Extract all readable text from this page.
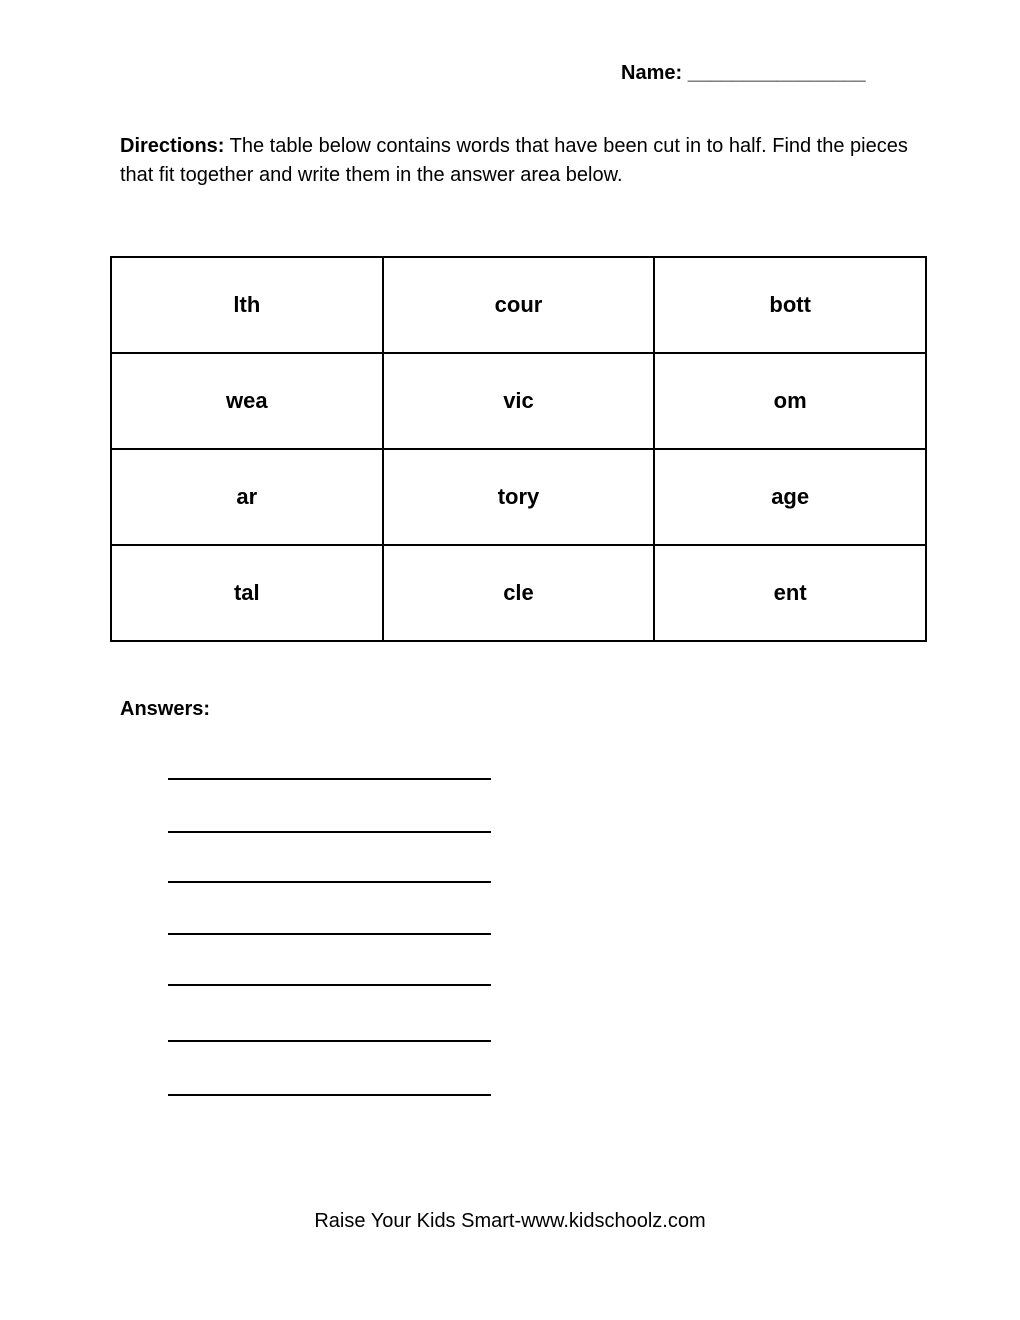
Name: ________________
Directions: The table below contains words that have been cut in to half. Find the pieces that fit together and write them in the answer area below.
lth	cour	bott
wea	vic	om
ar	tory	age
tal	cle	ent
Answers:
Raise Your Kids Smart-www.kidschoolz.com
